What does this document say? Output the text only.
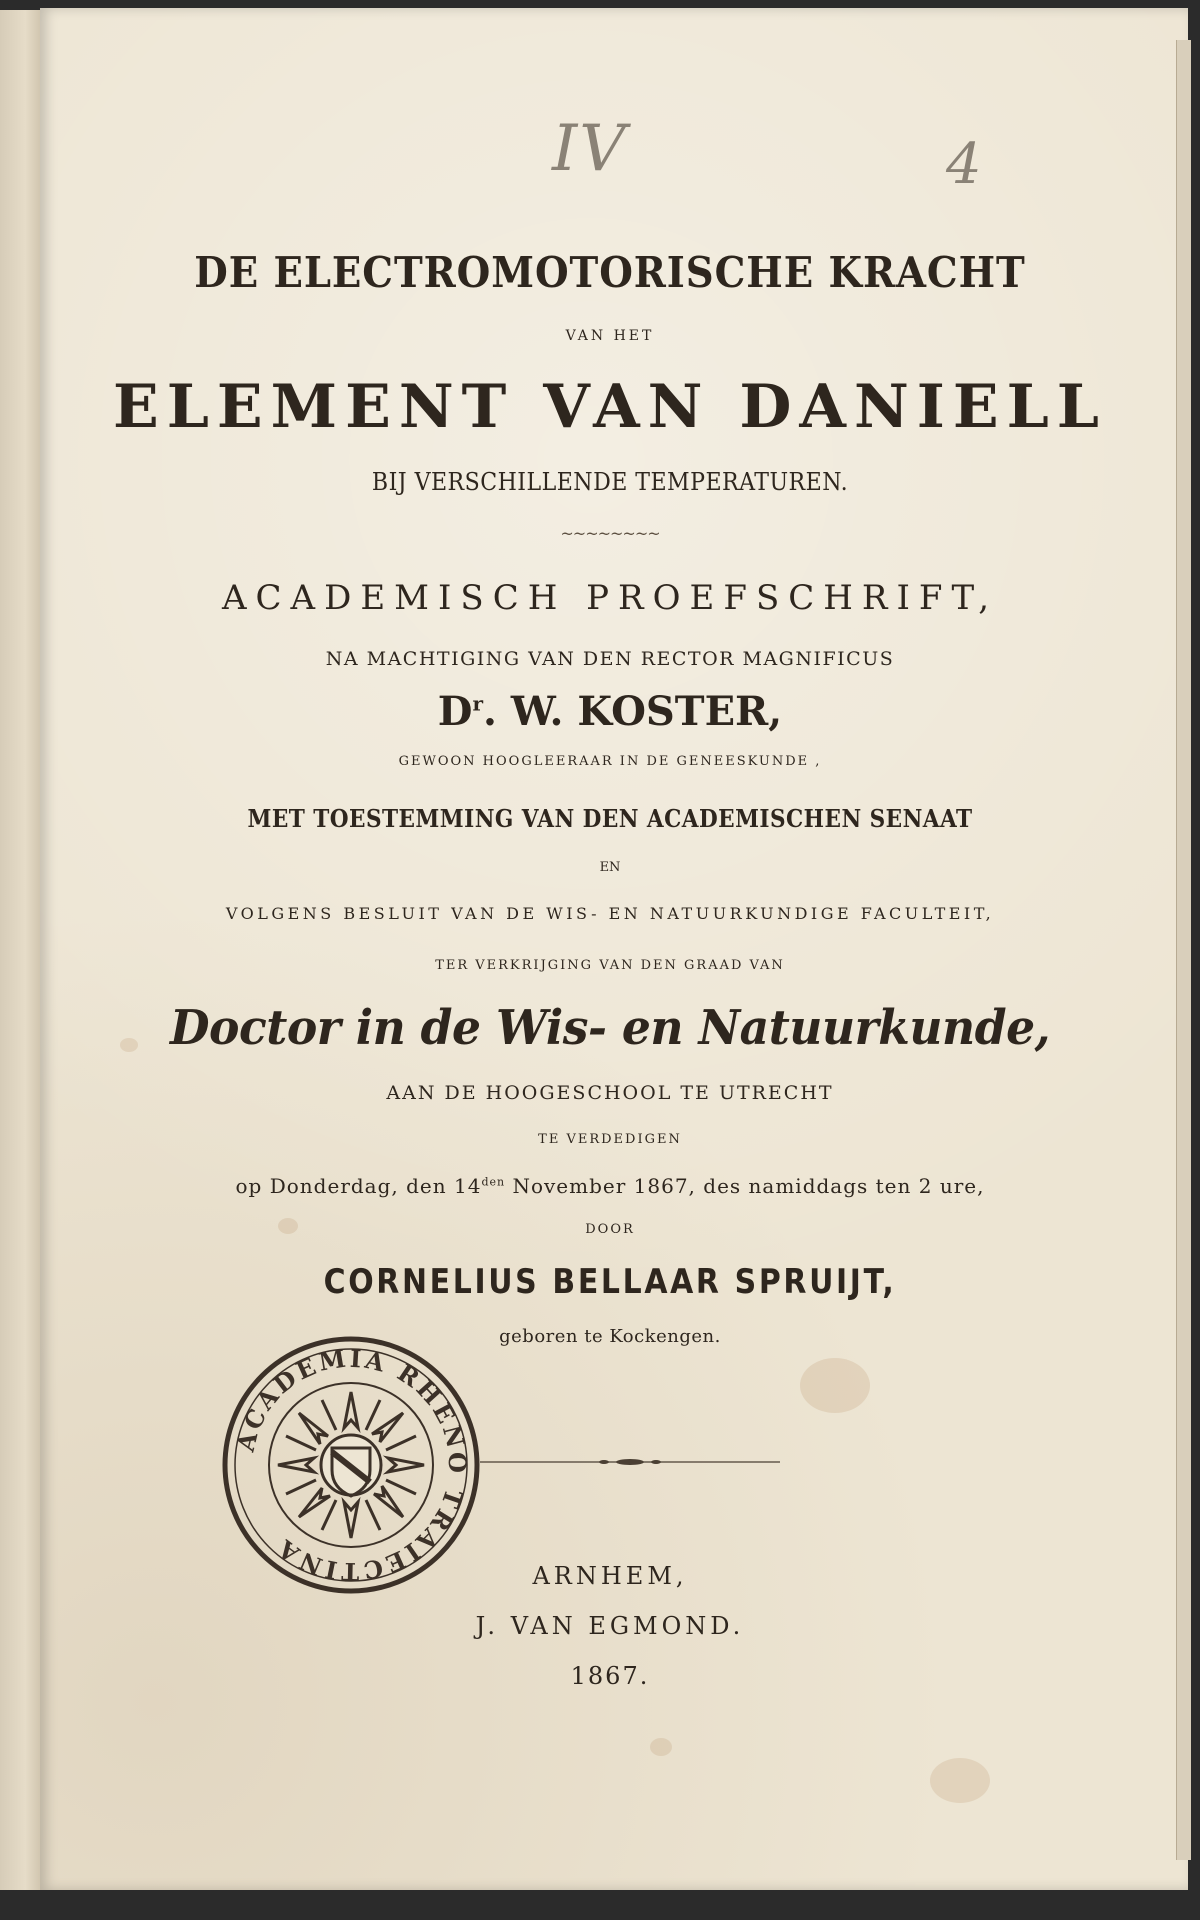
IV	4

DE ELECTROMOTORISCHE KRACHT

VAN HET

ELEMENT VAN DANIELL

BIJ VERSCHILLENDE TEMPERATUREN.

~~~~~~~~

ACADEMISCH PROEFSCHRIFT,

NA MACHTIGING VAN DEN RECTOR MAGNIFICUS

$D^r$. W. KOSTER,

GEWOON HOOGLEERAAR IN DE GENEESKUNDE ,

MET TOESTEMMING VAN DEN ACADEMISCHEN SENAAT

EN

VOLGENS BESLUIT VAN DE WIS- EN NATUURKUNDIGE FACULTEIT,

TER VERKRIJGING VAN DEN GRAAD VAN

Doctor in de Wis- en Natuurkunde,

AAN DE HOOGESCHOOL TE UTRECHT

TE VERDEDIGEN

op Donderdag, den $14^{den}$ November 1867, des namiddags ten 2 ure,

DOOR

CORNELIUS BELLAAR SPRUIJT,

geboren te Kockengen.

ACADEMIA RHENO TRAIECTINA

ARNHEM,

J. VAN EGMOND.

1867.
